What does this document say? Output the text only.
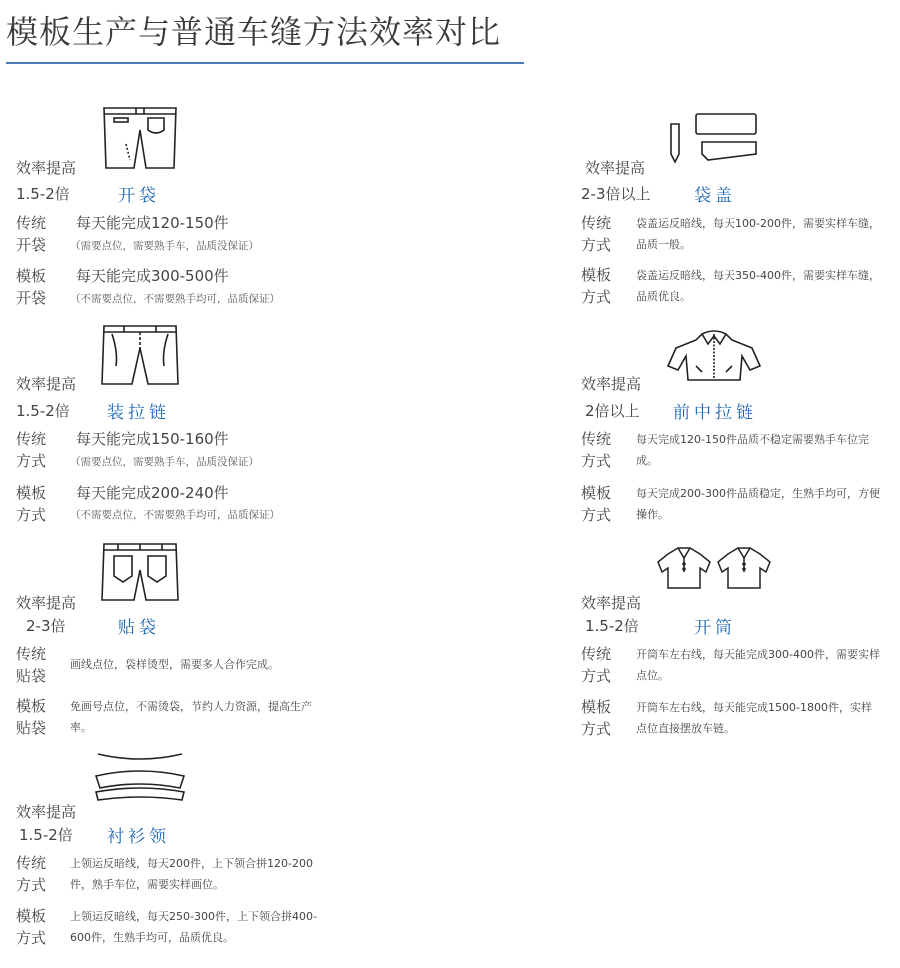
模板生产与普通车缝方法效率对比
效率提高
1.5-2倍	开袋
传统开袋
每天能完成120-150件
（需要点位，需要熟手车，品质没保证）
模板开袋
每天能完成300-500件
（不需要点位，不需要熟手均可，品质保证）
效率提高
1.5-2倍 装拉链
传统方式
每天能完成150-160件
（需要点位，需要熟手车，品质没保证）
模板方式
每天能完成200-240件
（不需要点位，不需要熟手均可，品质保证）
效率提高
2-3倍	贴袋
传统贴袋
画线点位，袋样烫型，需要多人合作完成。
模板贴袋
免画号点位，不需烫袋，节约人力资源，提高生产率。
效率提高
1.5-2倍 衬衫领
传统方式
上领运反暗线，每天200件，上下领合拼120-200件，熟手车位，需要实样画位。
模板方式
上领运反暗线，每天250-300件，上下领合拼400-600件，生熟手均可，品质优良。
效率提高
2-3倍以上	袋盖
传统方式
袋盖运反暗线，每天100-200件，需要实样车缝，品质一般。
模板方式
袋盖运反暗线，每天350-400件，需要实样车缝，品质优良。
效率提高
2倍以上 前中拉链
传统方式
每天完成120-150件品质不稳定需要熟手车位完成。
模板方式
每天完成200-300件品质稳定，生熟手均可，方便操作。
效率提高
1.5-2倍	开筒
传统方式
开筒车左右线，每天能完成300-400件，需要实样点位。
模板方式
开筒车左右线，每天能完成1500-1800件，实样点位直接摆放车链。
